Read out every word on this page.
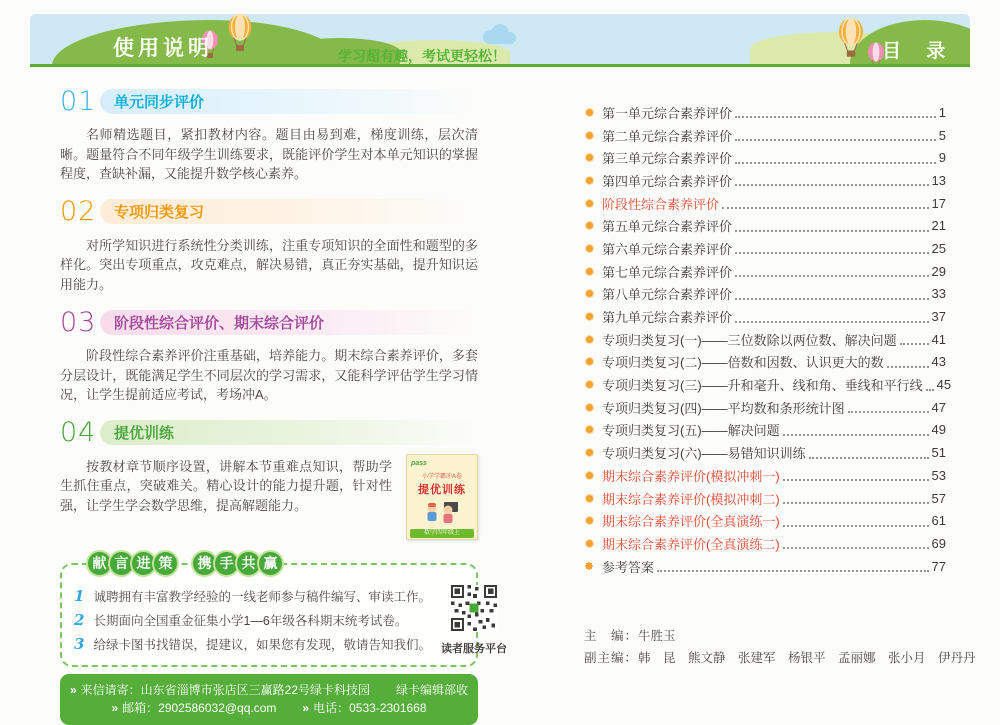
使用说明	目 录
学习超有趣，考试更轻松！
01	单元同步评价

名师精选题目，紧扣教材内容。题目由易到难，梯度训练，层次清晰。题量符合不同年级学生训练要求，既能评价学生对本单元知识的掌握程度，查缺补漏，又能提升数学核心素养。

02	专项归类复习

对所学知识进行系统性分类训练，注重专项知识的全面性和题型的多样化。突出专项重点，攻克难点，解决易错，真正夯实基础，提升知识运用能力。

03	阶段性综合评价、期末综合评价

阶段性综合素养评价注重基础，培养能力。期末综合素养评价，多套分层设计，既能满足学生不同层次的学习需求，又能科学评估学生学习情况，让学生提前适应考试，考场冲A。

04	提优训练

按教材章节顺序设置，讲解本节重难点知识，帮助学生抓住重点，突破难关。精心设计的能力提升题，针对性强，让学生学会数学思维，提高解题能力。

pass
小学学霸冲A卷
提优训练
数学四年级上
献 言 进 策	携 手 共 赢
1 诚聘拥有丰富教学经验的一线老师参与稿件编写、审读工作。
2 长期面向全国重金征集小学1—6年级各科期末统考试卷。
3 给绿卡图书找错误，提建议，如果您有发现，敬请告知我们。 读者服务平台
» 来信请寄：山东省淄博市张店区三赢路22号绿卡科技园 绿卡编辑部收
» 邮箱：2902586032@qq.com » 电话：0533-2301668
第一单元综合素养评价	1
第二单元综合素养评价	5
第三单元综合素养评价	9
第四单元综合素养评价	13
阶段性综合素养评价	17
第五单元综合素养评价	21
第六单元综合素养评价	25
第七单元综合素养评价	29
第八单元综合素养评价	33
第九单元综合素养评价	37
专项归类复习(一)——三位数除以两位数、解决问题	41
专项归类复习(二)——倍数和因数、认识更大的数	43
专项归类复习(三)——升和毫升、线和角、垂线和平行线 45
专项归类复习(四)——平均数和条形统计图	47
专项归类复习(五)——解决问题	49
专项归类复习(六)——易错知识训练	51
期末综合素养评价(模拟冲刺一)	53
期末综合素养评价(模拟冲刺二)	57
期末综合素养评价(全真演练一)	61
期末综合素养评价(全真演练二)	69
参考答案	77
主　编：牛胜玉
副主编：韩　昆　熊文静　张建军　杨银平　孟丽娜　张小月　伊丹丹
